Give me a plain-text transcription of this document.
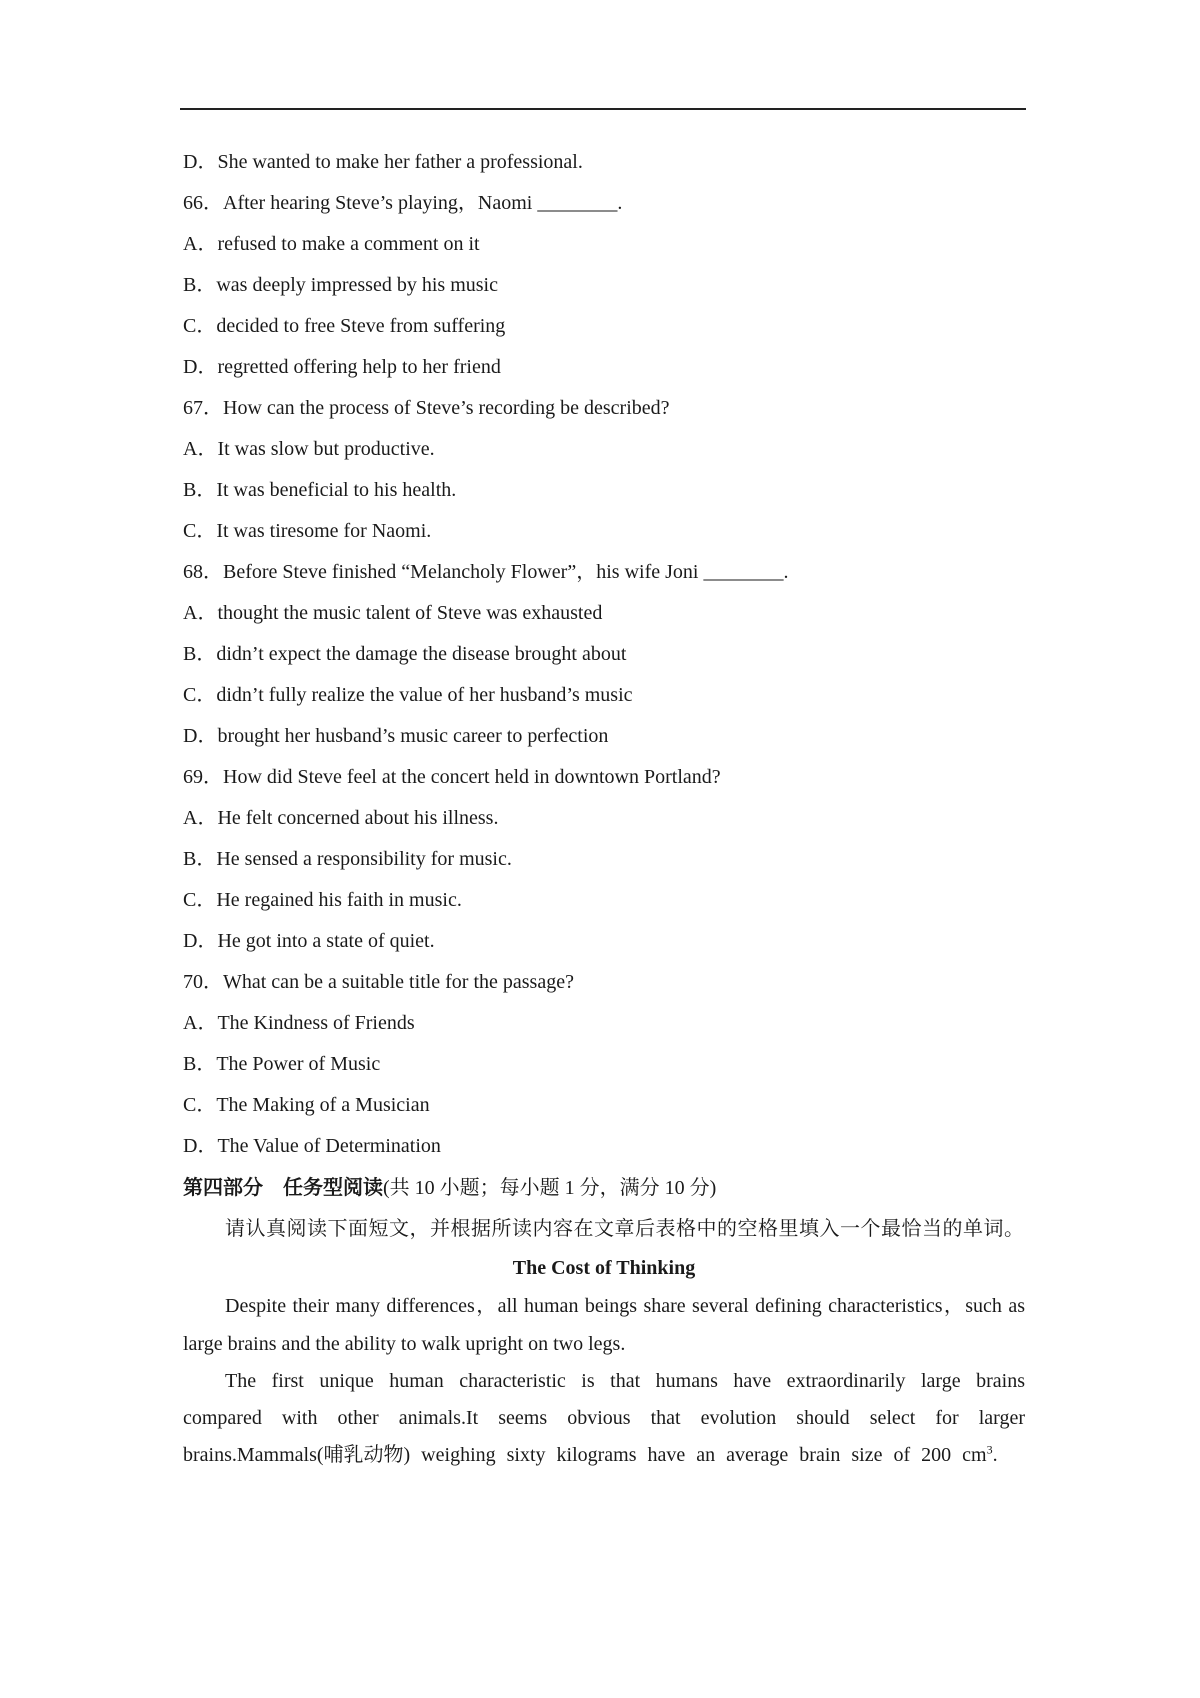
D．She wanted to make her father a professional.
66．After hearing Steve’s playing，Naomi ________.
A．refused to make a comment on it
B．was deeply impressed by his music
C．decided to free Steve from suffering
D．regretted offering help to her friend
67．How can the process of Steve’s recording be described?
A．It was slow but productive.
B．It was beneficial to his health.
C．It was tiresome for Naomi.
68．Before Steve finished “Melancholy Flower”，his wife Joni ________.
A．thought the music talent of Steve was exhausted
B．didn’t expect the damage the disease brought about
C．didn’t fully realize the value of her husband’s music
D．brought her husband’s music career to perfection
69．How did Steve feel at the concert held in downtown Portland?
A．He felt concerned about his illness.
B．He sensed a responsibility for music.
C．He regained his faith in music.
D．He got into a state of quiet.
70．What can be a suitable title for the passage?
A．The Kindness of Friends
B．The Power of Music
C．The Making of a Musician
D．The Value of Determination
第四部分　任务型阅读(共 10 小题；每小题 1 分，满分 10 分)
请认真阅读下面短文，并根据所读内容在文章后表格中的空格里填入一个最恰当的单词。
The Cost of Thinking
Despite their many differences，all human beings share several defining characteristics，such as large brains and the ability to walk upright on two legs.
The first unique human characteristic is that humans have extraordinarily large brains compared with other animals.It seems obvious that evolution should select for larger brains.Mammals(哺乳动物) weighing sixty kilograms have an average brain size of 200 $cm^3$.
